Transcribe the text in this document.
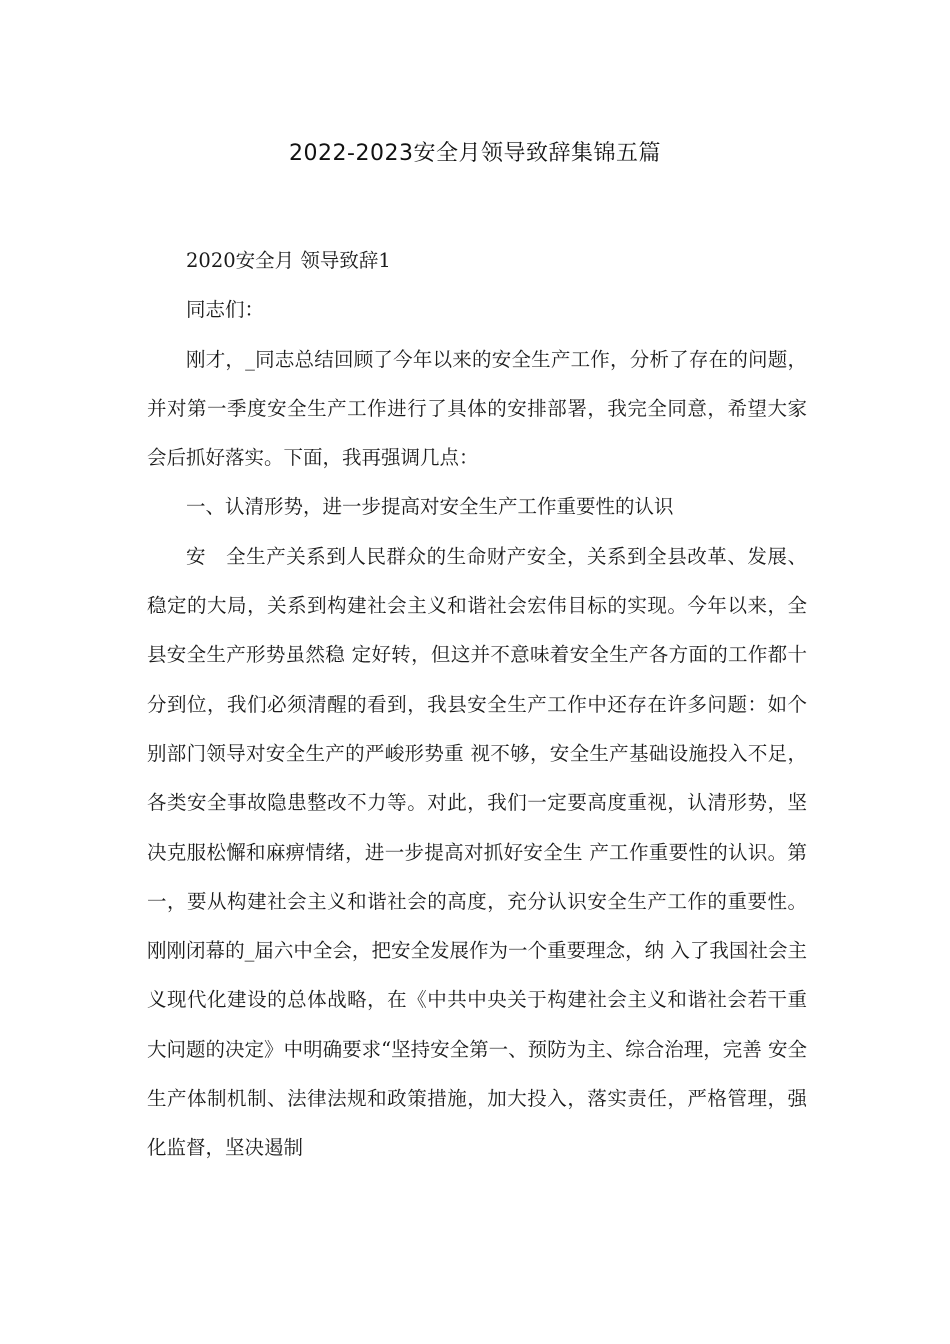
2022-2023安全月领导致辞集锦五篇

2020安全月 领导致辞1

同志们：

刚才，_同志总结回顾了今年以来的安全生产工作，分析了存在的问题，并对第一季度安全生产工作进行了具体的安排部署，我完全同意，希望大家会后抓好落实。下面，我再强调几点：

一、认清形势，进一步提高对安全生产工作重要性的认识

安　全生产关系到人民群众的生命财产安全，关系到全县改革、发展、稳定的大局，关系到构建社会主义和谐社会宏伟目标的实现。今年以来，全县安全生产形势虽然稳 定好转，但这并不意味着安全生产各方面的工作都十分到位，我们必须清醒的看到，我县安全生产工作中还存在许多问题：如个别部门领导对安全生产的严峻形势重 视不够，安全生产基础设施投入不足，各类安全事故隐患整改不力等。对此，我们一定要高度重视，认清形势，坚决克服松懈和麻痹情绪，进一步提高对抓好安全生 产工作重要性的认识。第一，要从构建社会主义和谐社会的高度，充分认识安全生产工作的重要性。刚刚闭幕的_届六中全会，把安全发展作为一个重要理念，纳 入了我国社会主义现代化建设的总体战略，在《中共中央关于构建社会主义和谐社会若干重大问题的决定》中明确要求“坚持安全第一、预防为主、综合治理，完善 安全生产体制机制、法律法规和政策措施，加大投入，落实责任，严格管理，强化监督，坚决遏制
